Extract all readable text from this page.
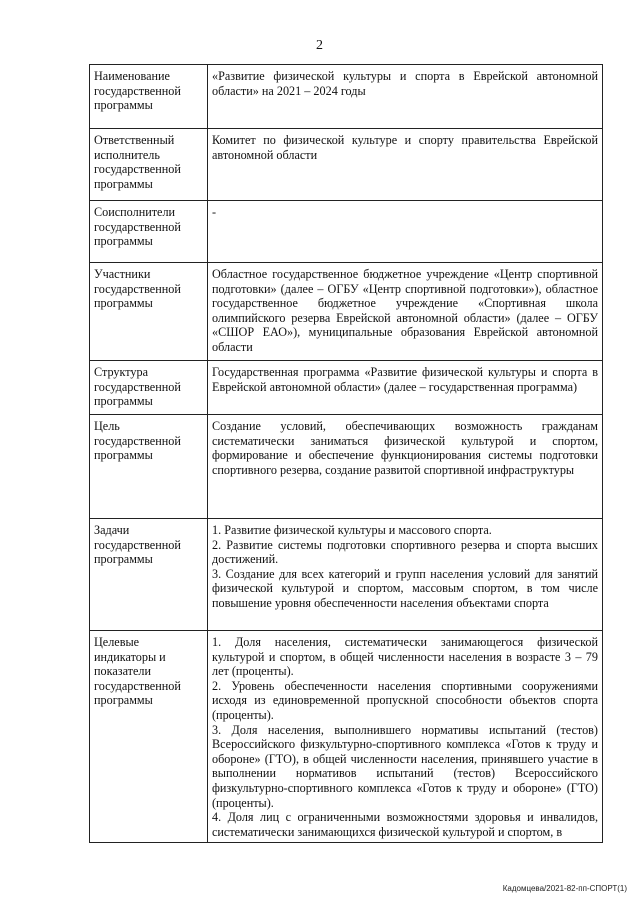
2
Наименование государственной программы	«Развитие физической культуры и спорта в Еврейской автономной области» на 2021 – 2024 годы
Ответственный исполнитель государственной программы	Комитет по физической культуре и спорту правительства Еврейской автономной области
Соисполнители государственной программы	-
Участники государственной программы	Областное государственное бюджетное учреждение «Центр спортивной подготовки» (далее – ОГБУ «Центр спортивной подготовки»), областное государственное бюджетное учреждение «Спортивная школа олимпийского резерва Еврейской автономной области» (далее – ОГБУ «СШОР ЕАО»), муниципальные образования Еврейской автономной области
Структура государственной программы	Государственная программа «Развитие физической культуры и спорта в Еврейской автономной области» (далее – государственная программа)
Цель государственной программы	Создание условий, обеспечивающих возможность гражданам систематически заниматься физической культурой и спортом, формирование и обеспечение функционирования системы подготовки спортивного резерва, создание развитой спортивной инфраструктуры
Задачи государственной программы	1. Развитие физической культуры и массового спорта.
2. Развитие системы подготовки спортивного резерва и спорта высших достижений.
3. Создание для всех категорий и групп населения условий для занятий физической культурой и спортом, массовым спортом, в том числе повышение уровня обеспеченности населения объектами спорта

Целевые индикаторы и показатели государственной программы	1. Доля населения, систематически занимающегося физической культурой и спортом, в общей численности населения в возрасте 3 – 79 лет (проценты).
2. Уровень обеспеченности населения спортивными сооружениями исходя из единовременной пропускной способности объектов спорта (проценты).
3. Доля населения, выполнившего нормативы испытаний (тестов) Всероссийского физкультурно-спортивного комплекса «Готов к труду и обороне» (ГТО), в общей численности населения, принявшего участие в выполнении нормативов испытаний (тестов) Всероссийского физкультурно-спортивного комплекса «Готов к труду и обороне» (ГТО) (проценты).
4. Доля лиц с ограниченными возможностями здоровья и инвалидов, систематически занимающихся физической культурой и спортом, в
Кадомцева/2021-82-пп-СПОРТ(1)
